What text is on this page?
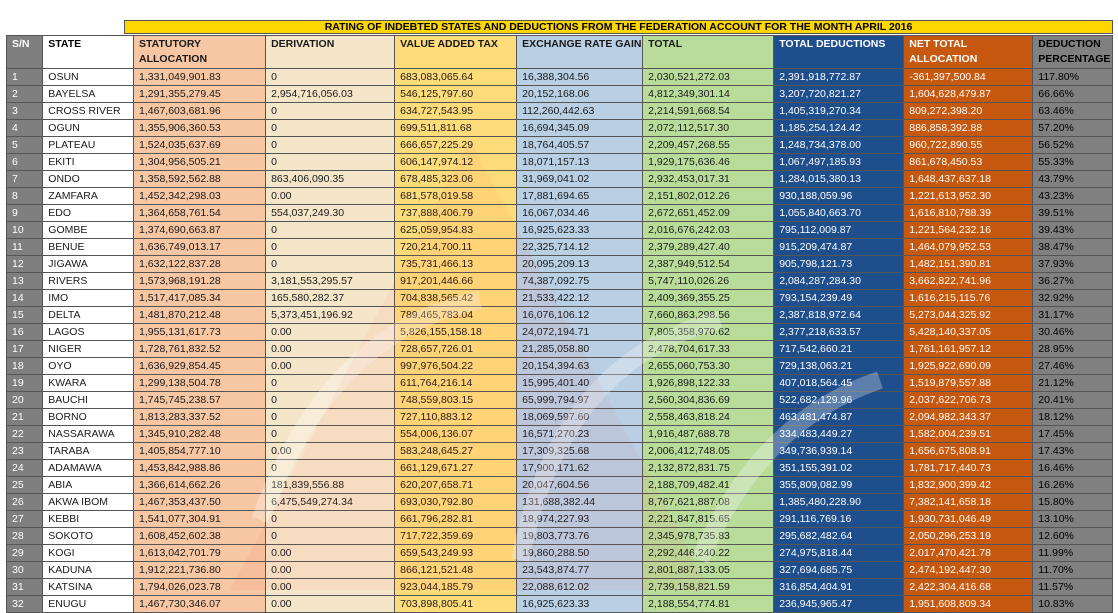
RATING OF INDEBTED STATES AND DEDUCTIONS FROM THE FEDERATION ACCOUNT FOR THE MONTH APRIL 2016
S/N	STATE	STATUTORY ALLOCATION	DERIVATION	VALUE ADDED TAX	EXCHANGE RATE GAIN	TOTAL	TOTAL DEDUCTIONS	NET TOTAL ALLOCATION	DEDUCTION PERCENTAGE
1	OSUN	1,331,049,901.83	0	683,083,065.64	16,388,304.56	2,030,521,272.03	2,391,918,772.87	-361,397,500.84	117.80%
2	BAYELSA	1,291,355,279.45	2,954,716,056.03	546,125,797.60	20,152,168.06	4,812,349,301.14	3,207,720,821.27	1,604,628,479.87	66.66%
3	CROSS RIVER	1,467,603,681.96	0	634,727,543.95	112,260,442.63	2,214,591,668.54	1,405,319,270.34	809,272,398.20	63.46%
4	OGUN	1,355,906,360.53	0	699,511,811.68	16,694,345.09	2,072,112,517.30	1,185,254,124.42	886,858,392.88	57.20%
5	PLATEAU	1,524,035,637.69	0	666,657,225.29	18,764,405.57	2,209,457,268.55	1,248,734,378.00	960,722,890.55	56.52%
6	EKITI	1,304,956,505.21	0	606,147,974.12	18,071,157.13	1,929,175,636.46	1,067,497,185.93	861,678,450.53	55.33%
7	ONDO	1,358,592,562.88	863,406,090.35	678,485,323.06	31,969,041.02	2,932,453,017.31	1,284,015,380.13	1,648,437,637.18	43.79%
8	ZAMFARA	1,452,342,298.03	0.00	681,578,019.58	17,881,694.65	2,151,802,012.26	930,188,059.96	1,221,613,952.30	43.23%
9	EDO	1,364,658,761.54	554,037,249.30	737,888,406.79	16,067,034.46	2,672,651,452.09	1,055,840,663.70	1,616,810,788.39	39.51%
10	GOMBE	1,374,690,663.87	0	625,059,954.83	16,925,623.33	2,016,676,242.03	795,112,009.87	1,221,564,232.16	39.43%
11	BENUE	1,636,749,013.17	0	720,214,700.11	22,325,714.12	2,379,289,427.40	915,209,474.87	1,464,079,952.53	38.47%
12	JIGAWA	1,632,122,837.28	0	735,731,466.13	20,095,209.13	2,387,949,512.54	905,798,121.73	1,482,151,390.81	37.93%
13	RIVERS	1,573,968,191.28	3,181,553,295.57	917,201,446.66	74,387,092.75	5,747,110,026.26	2,084,287,284.30	3,662,822,741.96	36.27%
14	IMO	1,517,417,085.34	165,580,282.37	704,838,565.42	21,533,422.12	2,409,369,355.25	793,154,239.49	1,616,215,115.76	32.92%
15	DELTA	1,481,870,212.48	5,373,451,196.92	789,465,783.04	16,076,106.12	7,660,863,298.56	2,387,818,972.64	5,273,044,325.92	31.17%
16	LAGOS	1,955,131,617.73	0.00	5,826,155,158.18	24,072,194.71	7,805,358,970.62	2,377,218,633.57	5,428,140,337.05	30.46%
17	NIGER	1,728,761,832.52	0.00	728,657,726.01	21,285,058.80	2,478,704,617.33	717,542,660.21	1,761,161,957.12	28.95%
18	OYO	1,636,929,854.45	0.00	997,976,504.22	20,154,394.63	2,655,060,753.30	729,138,063.21	1,925,922,690.09	27.46%
19	KWARA	1,299,138,504.78	0	611,764,216.14	15,995,401.40	1,926,898,122.33	407,018,564.45	1,519,879,557.88	21.12%
20	BAUCHI	1,745,745,238.57	0	748,559,803.15	65,999,794.97	2,560,304,836.69	522,682,129.96	2,037,622,706.73	20.41%
21	BORNO	1,813,283,337.52	0	727,110,883.12	18,069,597.60	2,558,463,818.24	463,481,474.87	2,094,982,343.37	18.12%
22	NASSARAWA	1,345,910,282.48	0	554,006,136.07	16,571,270.23	1,916,487,688.78	334,483,449.27	1,582,004,239.51	17.45%
23	TARABA	1,405,854,777.10	0.00	583,248,645.27	17,309,325.68	2,006,412,748.05	349,736,939.14	1,656,675,808.91	17.43%
24	ADAMAWA	1,453,842,988.86	0	661,129,671.27	17,900,171.62	2,132,872,831.75	351,155,391.02	1,781,717,440.73	16.46%
25	ABIA	1,366,614,662.26	181,839,556.88	620,207,658.71	20,047,604.56	2,188,709,482.41	355,809,082.99	1,832,900,399.42	16.26%
26	AKWA IBOM	1,467,353,437.50	6,475,549,274.34	693,030,792.80	131,688,382.44	8,767,621,887.08	1,385,480,228.90	7,382,141,658.18	15.80%
27	KEBBI	1,541,077,304.91	0	661,796,282.81	18,974,227.93	2,221,847,815.65	291,116,769.16	1,930,731,046.49	13.10%
28	SOKOTO	1,608,452,602.38	0	717,722,359.69	19,803,773.76	2,345,978,735.83	295,682,482.64	2,050,296,253.19	12.60%
29	KOGI	1,613,042,701.79	0.00	659,543,249.93	19,860,288.50	2,292,446,240.22	274,975,818.44	2,017,470,421.78	11.99%
30	KADUNA	1,912,221,736.80	0.00	866,121,521.48	23,543,874.77	2,801,887,133.05	327,694,685.75	2,474,192,447.30	11.70%
31	KATSINA	1,794,026,023.78	0.00	923,044,185.79	22,088,612.02	2,739,158,821.59	316,854,404.91	2,422,304,416.68	11.57%
32	ENUGU	1,467,730,346.07	0.00	703,898,805.41	16,925,623.33	2,188,554,774.81	236,945,965.47	1,951,608,809.34	10.83%
